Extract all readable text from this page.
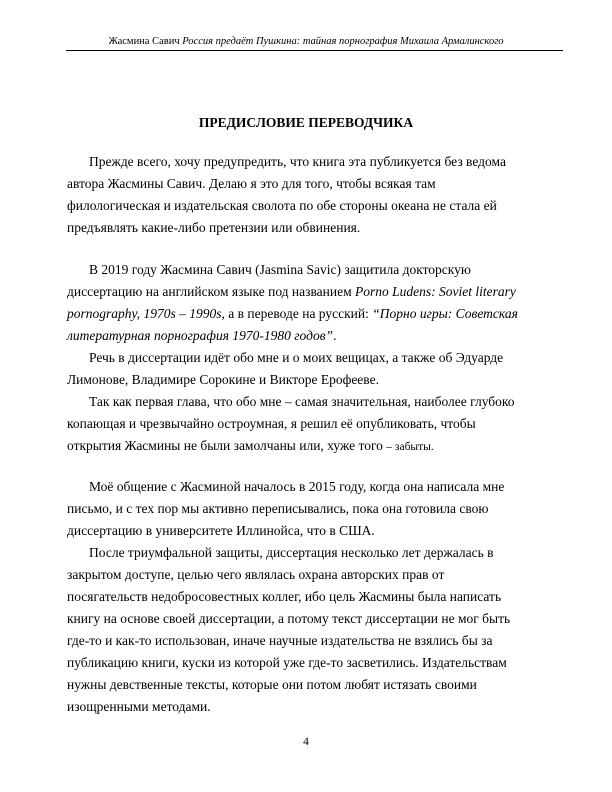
Жасмина Савич Россия предаёт Пушкина: тайная порнография Михаила Армалинского
ПРЕДИСЛОВИЕ ПЕРЕВОДЧИКА
Прежде всего, хочу предупредить, что книга эта публикуется без ведома
автора Жасмины Савич. Делаю я это для того, чтобы всякая там
филологическая и издательская сволота по обе стороны океана не стала ей
предъявлять какие-либо претензии или обвинения.
В 2019 году Жасмина Савич (Jasmina Savic) защитила докторскую
диссертацию на английском языке под названием Porno Ludens: Soviet literary
pornography, 1970s – 1990s, а в переводе на русский: “Порно игры: Советская
литературная порнография 1970-1980 годов”.
Речь в диссертации идёт обо мне и о моих вещицах, а также об Эдуарде
Лимонове, Владимире Сорокине и Викторе Ерофееве.
Так как первая глава, что обо мне – самая значительная, наиболее глубоко
копающая и чрезвычайно остроумная, я решил её опубликовать, чтобы
открытия Жасмины не были замолчаны или, хуже того – забыты.
Моё общение с Жасминой началось в 2015 году, когда она написала мне
письмо, и с тех пор мы активно переписывались, пока она готовила свою
диссертацию в университете Иллинойса, что в США.
После триумфальной защиты, диссертация несколько лет держалась в
закрытом доступе, целью чего являлась охрана авторских прав от
посягательств недобросовестных коллег, ибо цель Жасмины была написать
книгу на основе своей диссертации, а потому текст диссертации не мог быть
где-то и как-то использован, иначе научные издательства не взялись бы за
публикацию книги, куски из которой уже где-то засветились. Издательствам
нужны девственные тексты, которые они потом любят истязать своими
изощренными методами.
4
